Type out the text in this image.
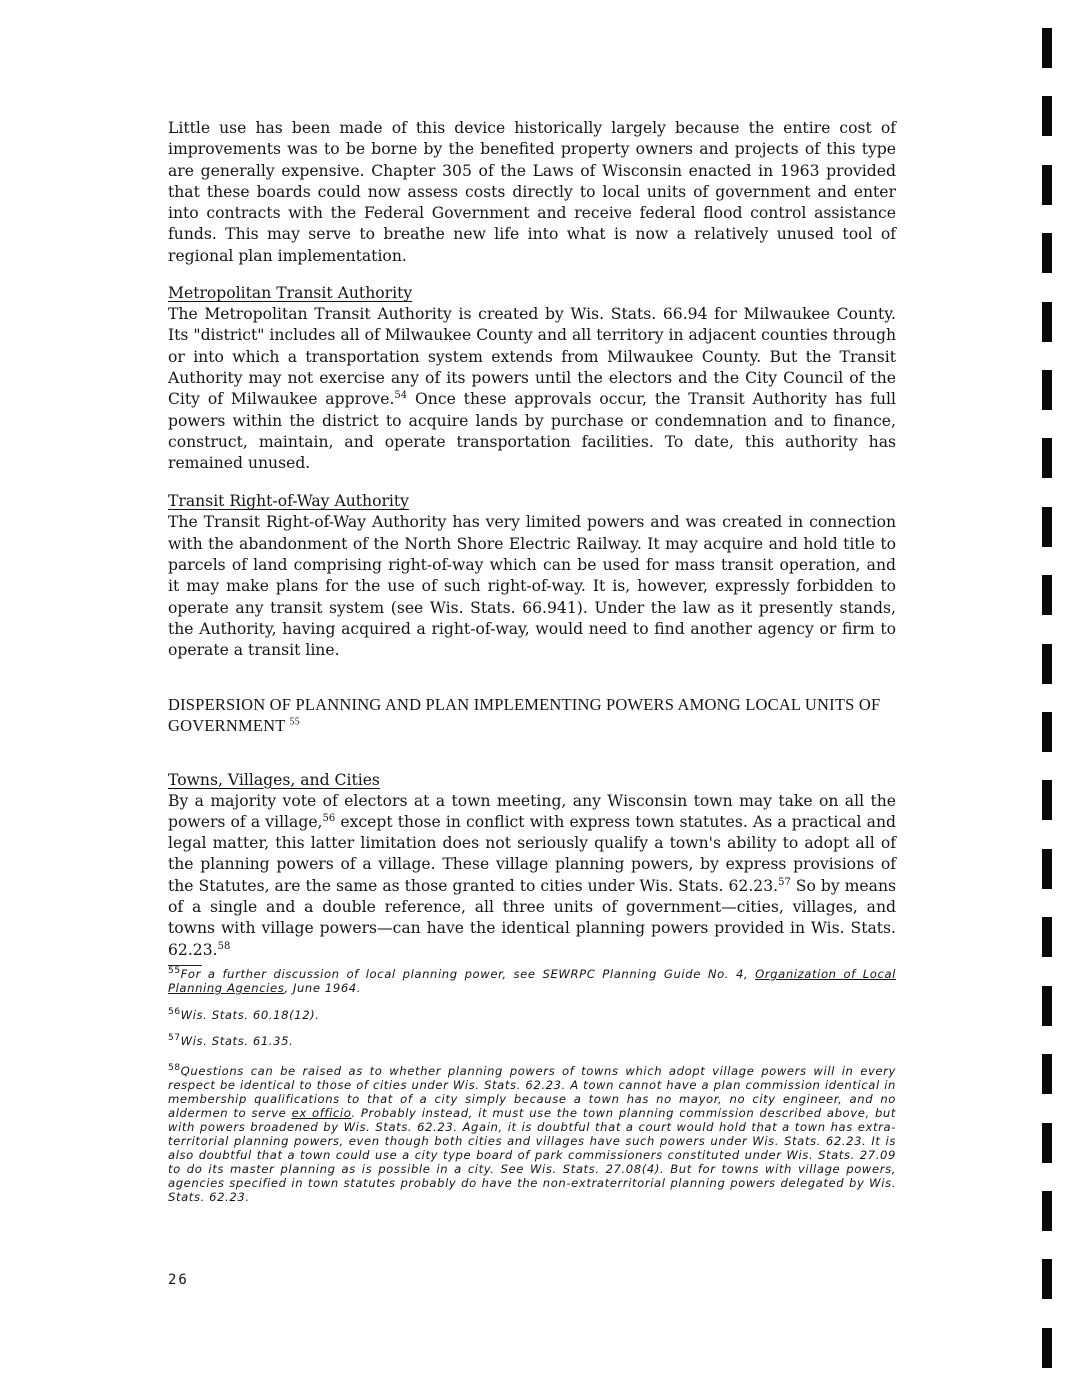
Little use has been made of this device historically largely because the entire cost of improvements was to be borne by the benefited property owners and projects of this type are generally expensive. Chapter 305 of the Laws of Wisconsin enacted in 1963 provided that these boards could now assess costs directly to local units of government and enter into contracts with the Federal Government and receive federal flood control assistance funds. This may serve to breathe new life into what is now a relatively unused tool of regional plan implementation.

Metropolitan Transit Authority

The Metropolitan Transit Authority is created by Wis. Stats. 66.94 for Milwaukee County. Its "district" includes all of Milwaukee County and all territory in adjacent counties through or into which a transportation system extends from Milwaukee County. But the Transit Authority may not exercise any of its powers until the electors and the City Council of the City of Milwaukee approve.$^{54}$ Once these approvals occur, the Transit Authority has full powers within the district to acquire lands by purchase or condemnation and to finance, construct, maintain, and operate transportation facilities. To date, this authority has remained unused.

Transit Right-of-Way Authority

The Transit Right-of-Way Authority has very limited powers and was created in connection with the abandonment of the North Shore Electric Railway. It may acquire and hold title to parcels of land comprising right-of-way which can be used for mass transit operation, and it may make plans for the use of such right-of-way. It is, however, expressly forbidden to operate any transit system (see Wis. Stats. 66.941). Under the law as it presently stands, the Authority, having acquired a right-of-way, would need to find another agency or firm to operate a transit line.

DISPERSION OF PLANNING AND PLAN IMPLEMENTING POWERS AMONG LOCAL UNITS OF GOVERNMENT $^{55}$

Towns, Villages, and Cities

By a majority vote of electors at a town meeting, any Wisconsin town may take on all the powers of a village,$^{56}$ except those in conflict with express town statutes. As a practical and legal matter, this latter limitation does not seriously qualify a town's ability to adopt all of the planning powers of a village. These village planning powers, by express provisions of the Statutes, are the same as those granted to cities under Wis. Stats. 62.23.57 So by means of a single and a double reference, all three units of government—cities, villages, and towns with village powers—can have the identical planning powers provided in Wis. Stats. 62.23.58

$^{55}$For a further discussion of local planning power, see SEWRPC Planning Guide No. 4, Organization of Local Planning Agencies, June 1964.

$^{56}$Wis. Stats. 60.18(12).

$^{57}$Wis. Stats. 61.35.

$^{58}$Questions can be raised as to whether planning powers of towns which adopt village powers will in every respect be identical to those of cities under Wis. Stats. 62.23. A town cannot have a plan commission identical in membership qualifications to that of a city simply because a town has no mayor, no city engineer, and no aldermen to serve ex officio. Probably instead, it must use the town planning commission described above, but with powers broadened by Wis. Stats. 62.23. Again, it is doubtful that a court would hold that a town has extra-territorial planning powers, even though both cities and villages have such powers under Wis. Stats. 62.23. It is also doubtful that a town could use a city type board of park commissioners constituted under Wis. Stats. 27.09 to do its master planning as is possible in a city. See Wis. Stats. 27.08(4). But for towns with village powers, agencies specified in town statutes probably do have the non-extraterritorial planning powers delegated by Wis. Stats. 62.23.

26
